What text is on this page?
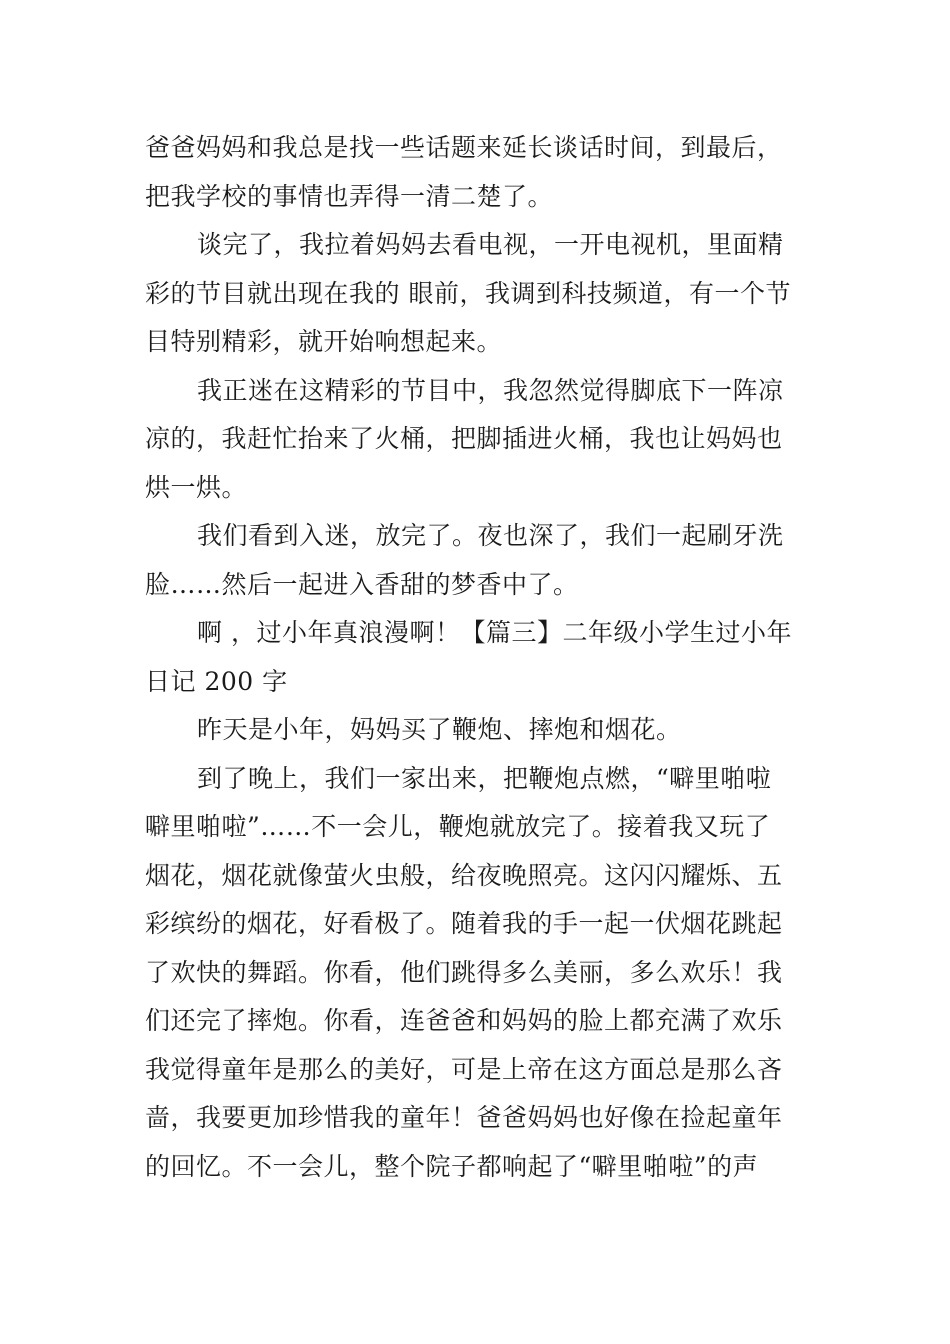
爸爸妈妈和我总是找一些话题来延长谈话时间，到最后，
把我学校的事情也弄得一清二楚了。
谈完了，我拉着妈妈去看电视，一开电视机，里面精
彩的节目就出现在我的 眼前，我调到科技频道，有一个节
目特别精彩，就开始响想起来。
我正迷在这精彩的节目中，我忽然觉得脚底下一阵凉
凉的，我赶忙抬来了火桶，把脚插进火桶，我也让妈妈也
烘一烘。
我们看到入迷，放完了。夜也深了，我们一起刷牙洗
脸……然后一起进入香甜的梦香中了。
啊 ，过小年真浪漫啊！【篇三】二年级小学生过小年
日记 200 字
昨天是小年，妈妈买了鞭炮、摔炮和烟花。
到了晚上，我们一家出来，把鞭炮点燃，“噼里啪啦
噼里啪啦”……不一会儿，鞭炮就放完了。接着我又玩了
烟花，烟花就像萤火虫般，给夜晚照亮。这闪闪耀烁、五
彩缤纷的烟花，好看极了。随着我的手一起一伏烟花跳起
了欢快的舞蹈。你看，他们跳得多么美丽，多么欢乐！我
们还完了摔炮。你看，连爸爸和妈妈的脸上都充满了欢乐
我觉得童年是那么的美好，可是上帝在这方面总是那么吝
啬，我要更加珍惜我的童年！爸爸妈妈也好像在捡起童年
的回忆。不一会儿，整个院子都响起了“噼里啪啦”的声
